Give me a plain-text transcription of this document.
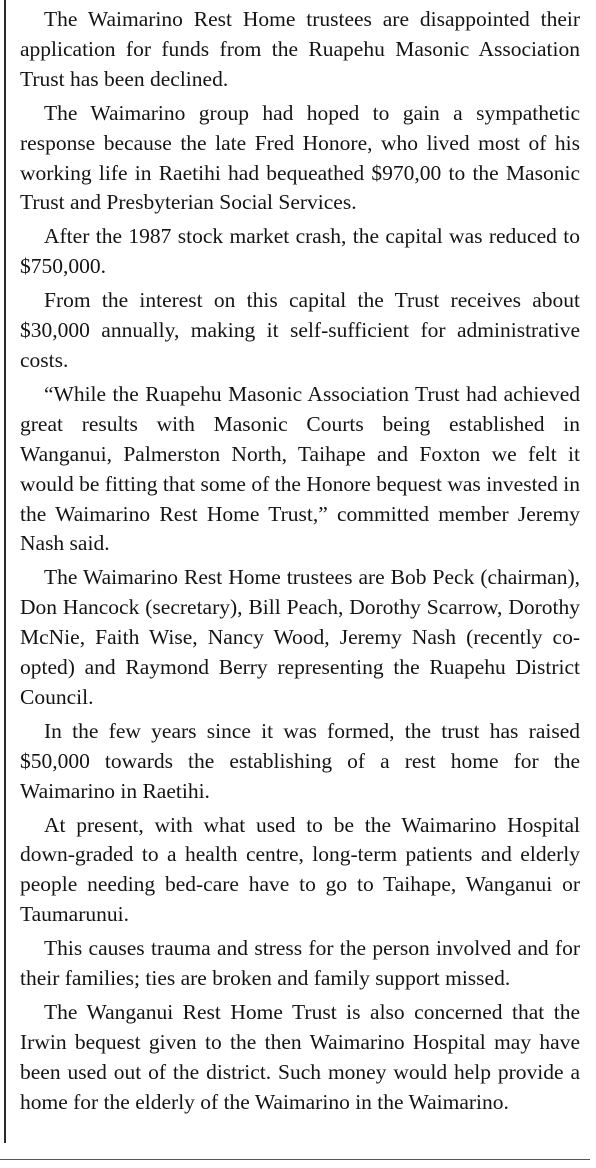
The Waimarino Rest Home trustees are disappointed their application for funds from the Ruapehu Masonic Association Trust has been declined.

The Waimarino group had hoped to gain a sympathetic response because the late Fred Honore, who lived most of his working life in Raetihi had bequeathed $970,00 to the Masonic Trust and Presbyterian Social Services.

After the 1987 stock market crash, the capital was reduced to $750,000.

From the interest on this capital the Trust receives about $30,000 annually, making it self-sufficient for administrative costs.

“While the Ruapehu Masonic Association Trust had achieved great results with Masonic Courts being established in Wanganui, Palmerston North, Taihape and Foxton we felt it would be fitting that some of the Honore bequest was invested in the Waimarino Rest Home Trust,” committed member Jeremy Nash said.

The Waimarino Rest Home trustees are Bob Peck (chairman), Don Hancock (secretary), Bill Peach, Dorothy Scarrow, Dorothy McNie, Faith Wise, Nancy Wood, Jeremy Nash (recently co-opted) and Raymond Berry representing the Ruapehu District Council.

In the few years since it was formed, the trust has raised $50,000 towards the establishing of a rest home for the Waimarino in Raetihi.

At present, with what used to be the Waimarino Hospital down-graded to a health centre, long-term patients and elderly people needing bed-care have to go to Taihape, Wanganui or Taumarunui.

This causes trauma and stress for the person involved and for their families; ties are broken and family support missed.

The Wanganui Rest Home Trust is also concerned that the Irwin bequest given to the then Waimarino Hospital may have been used out of the district. Such money would help provide a home for the elderly of the Waimarino in the Waimarino.
